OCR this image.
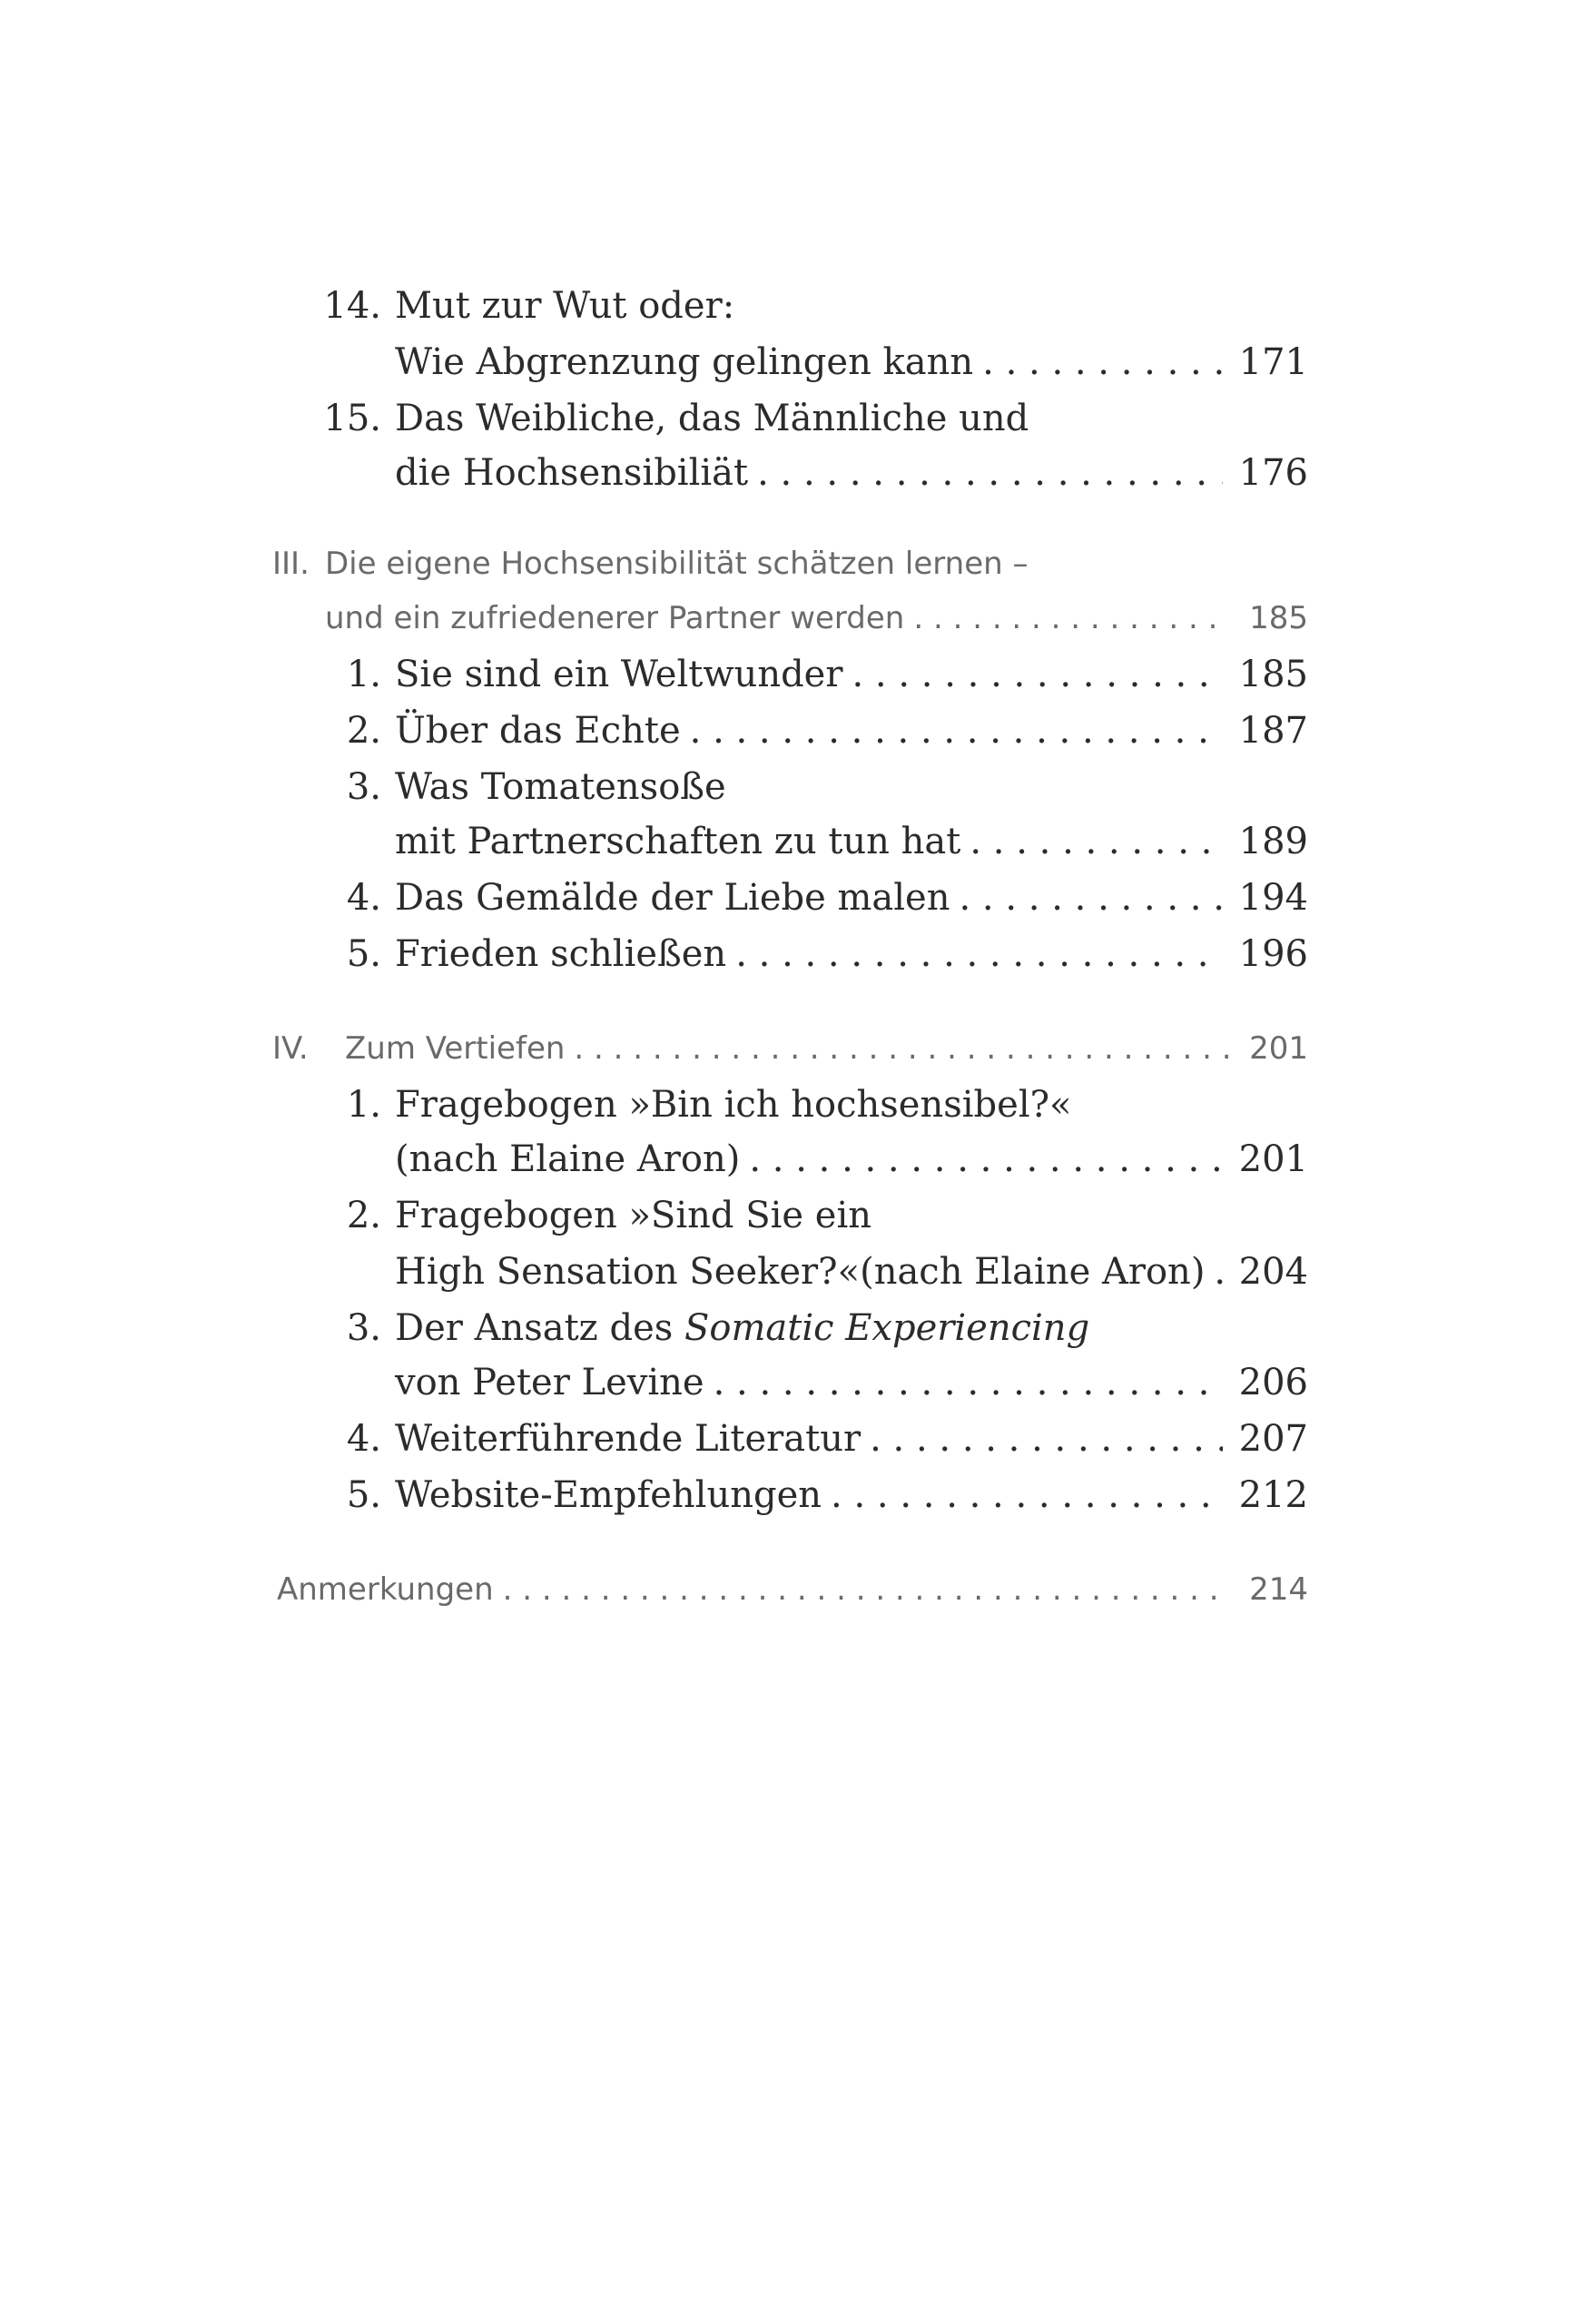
14. Mut zur Wut oder:
Wie Abgrenzung gelingen kann . . .	171
15. Das Weibliche, das Männliche und
die Hochsensibiliät . . .	176
III. Die eigene Hochsensibilität schätzen lernen –
und ein zufriedenerer Partner werden . . .	185
1. Sie sind ein Weltwunder . . .	185
2. Über das Echte . . .	187
3. Was Tomatensoße
mit Partnerschaften zu tun hat . . .	189
4. Das Gemälde der Liebe malen . . .	194
5. Frieden schließen . . .	196
IV.	Zum Vertiefen . . .	201
1. Fragebogen »Bin ich hochsensibel?«
(nach Elaine Aron) . . .	201
2. Fragebogen »Sind Sie ein
High Sensation Seeker?«(nach Elaine Aron) . . . 204
3. Der Ansatz des Somatic Experiencing
von Peter Levine . . .	206
4. Weiterführende Literatur . . .	207
5. Website-Empfehlungen . . .	212
Anmerkungen . . .	214
